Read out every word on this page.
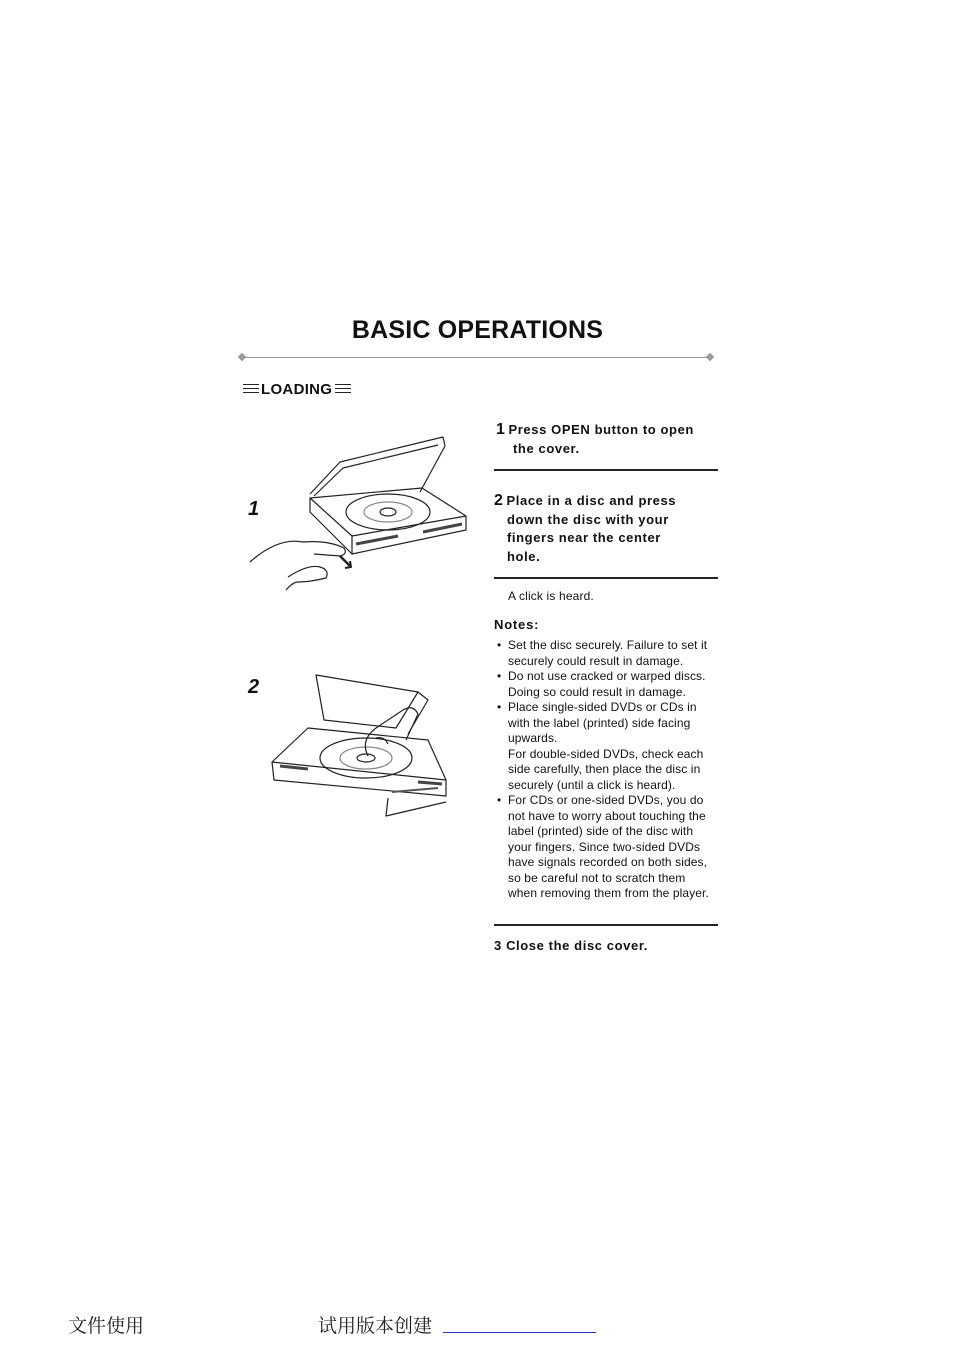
BASIC OPERATIONS
LOADING
1
2
1 Press OPEN button to open
the cover.
2 Place in a disc and press
down the disc with your
fingers near the center
hole.
A click is heard.
Notes:
• Set the disc securely. Failure to set it
securely could result in damage.
• Do not use cracked or warped discs.
Doing so could result in damage.
• Place single-sided DVDs or CDs in
with the label (printed) side facing
upwards.
For double-sided DVDs, check each
side carefully, then place the disc in
securely (until a click is heard).
• For CDs or one-sided DVDs, you do
not have to worry about touching the
label (printed) side of the disc with
your fingers. Since two-sided DVDs
have signals recorded on both sides,
so be careful not to scratch them
when removing them from the player.
3 Close the disc cover.
文件使用	试用版本创建
